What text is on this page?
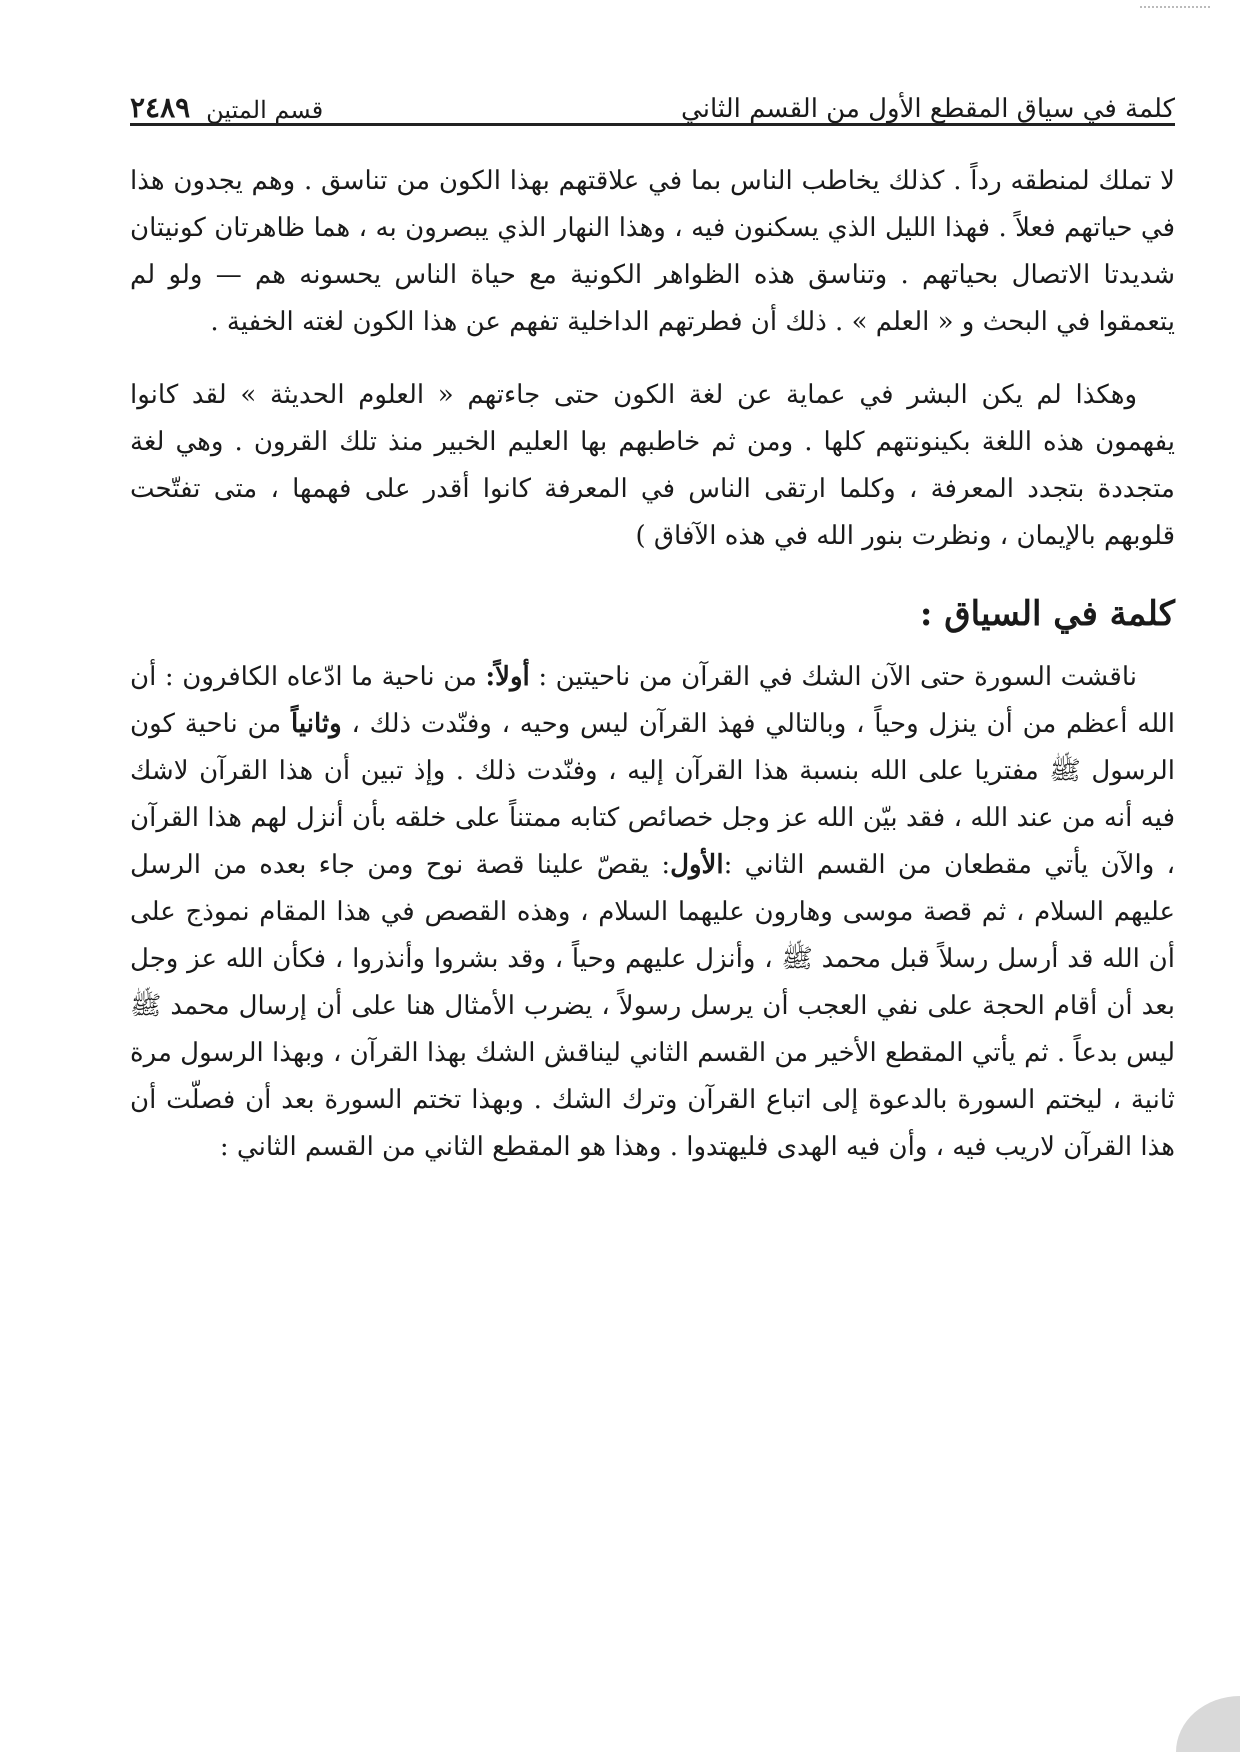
كلمة في سياق المقطع الأول من القسم الثاني
قسم المتين
٢٤٨٩

لا تملك لمنطقه رداً . كذلك يخاطب الناس بما في علاقتهم بهذا الكون من تناسق . وهم يجدون هذا في حياتهم فعلاً . فهذا الليل الذي يسكنون فيه ، وهذا النهار الذي يبصرون به ، هما ظاهرتان كونيتان شديدتا الاتصال بحياتهم . وتناسق هذه الظواهر الكونية مع حياة الناس يحسونه هم — ولو لم يتعمقوا في البحث و « العلم » . ذلك أن فطرتهم الداخلية تفهم عن هذا الكون لغته الخفية .

وهكذا لم يكن البشر في عماية عن لغة الكون حتى جاءتهم « العلوم الحديثة » لقد كانوا يفهمون هذه اللغة بكينونتهم كلها . ومن ثم خاطبهم بها العليم الخبير منذ تلك القرون . وهي لغة متجددة بتجدد المعرفة ، وكلما ارتقى الناس في المعرفة كانوا أقدر على فهمها ، متى تفتّحت قلوبهم بالإيمان ، ونظرت بنور الله في هذه الآفاق )

كلمة في السياق :

ناقشت السورة حتى الآن الشك في القرآن من ناحيتين : أولاً: من ناحية ما ادّعاه الكافرون : أن الله أعظم من أن ينزل وحياً ، وبالتالي فهذ القرآن ليس وحيه ، وفنّدت ذلك ، وثانياً من ناحية كون الرسول ﷺ مفتريا على الله بنسبة هذا القرآن إليه ، وفنّدت ذلك . وإذ تبين أن هذا القرآن لاشك فيه أنه من عند الله ، فقد بيّن الله عز وجل خصائص كتابه ممتناً على خلقه بأن أنزل لهم هذا القرآن ، والآن يأتي مقطعان من القسم الثاني :الأول: يقصّ علينا قصة نوح ومن جاء بعده من الرسل عليهم السلام ، ثم قصة موسى وهارون عليهما السلام ، وهذه القصص في هذا المقام نموذج على أن الله قد أرسل رسلاً قبل محمد ﷺ ، وأنزل عليهم وحياً ، وقد بشروا وأنذروا ، فكأن الله عز وجل بعد أن أقام الحجة على نفي العجب أن يرسل رسولاً ، يضرب الأمثال هنا على أن إرسال محمد ﷺ ليس بدعاً . ثم يأتي المقطع الأخير من القسم الثاني ليناقش الشك بهذا القرآن ، وبهذا الرسول مرة ثانية ، ليختم السورة بالدعوة إلى اتباع القرآن وترك الشك . وبهذا تختم السورة بعد أن فصلّت أن هذا القرآن لاريب فيه ، وأن فيه الهدى فليهتدوا . وهذا هو المقطع الثاني من القسم الثاني :
